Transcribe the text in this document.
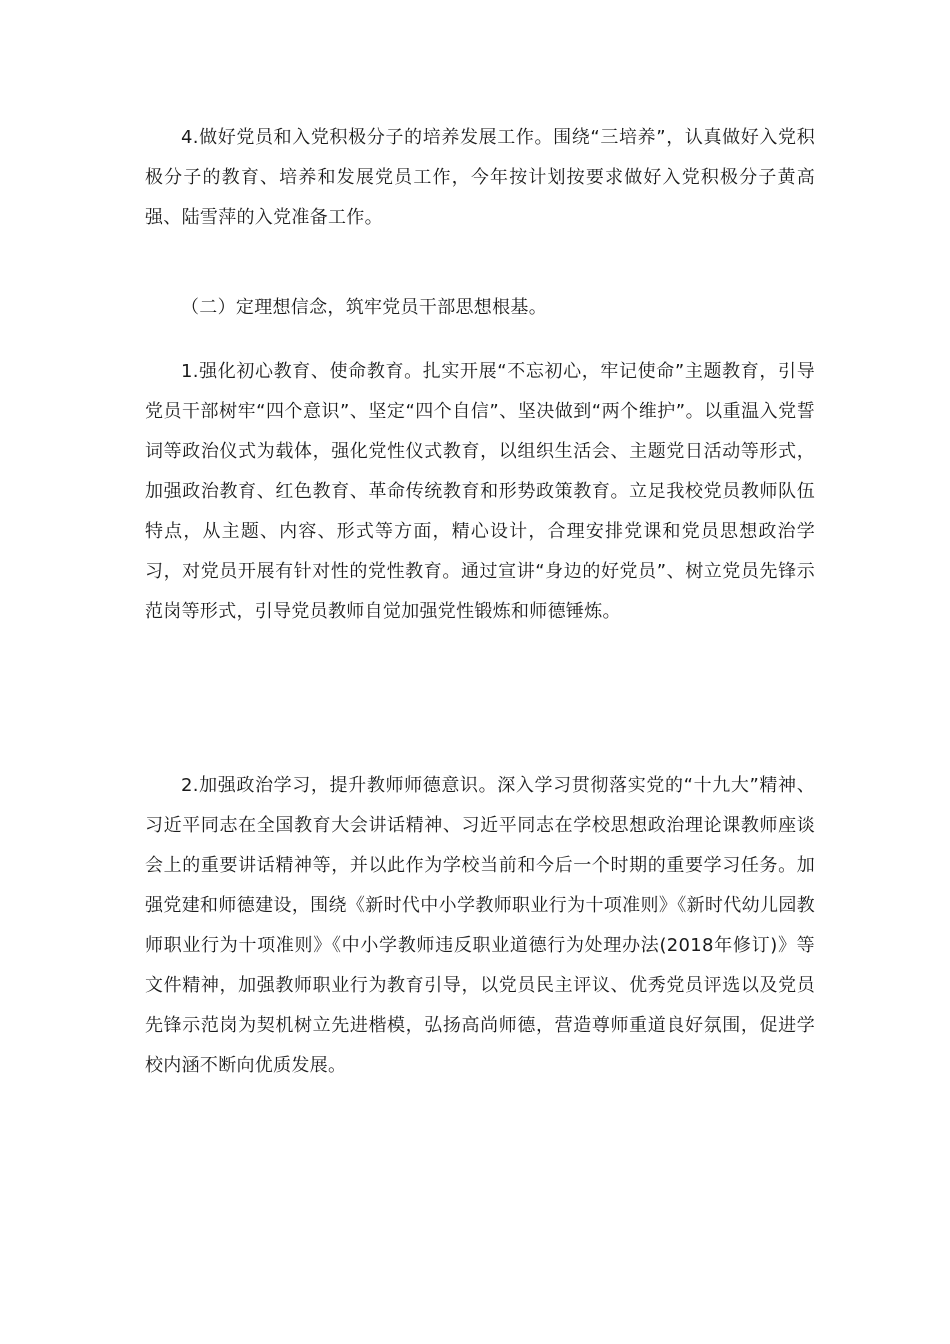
4.做好党员和入党积极分子的培养发展工作。围绕“三培养”，认真做好入党积极分子的教育、培养和发展党员工作，今年按计划按要求做好入党积极分子黄高强、陆雪萍的入党准备工作。

（二）定理想信念，筑牢党员干部思想根基。

1.强化初心教育、使命教育。扎实开展“不忘初心，牢记使命”主题教育，引导党员干部树牢“四个意识”、坚定“四个自信”、坚决做到“两个维护”。以重温入党誓词等政治仪式为载体，强化党性仪式教育，以组织生活会、主题党日活动等形式，加强政治教育、红色教育、革命传统教育和形势政策教育。立足我校党员教师队伍特点，从主题、内容、形式等方面，精心设计，合理安排党课和党员思想政治学习，对党员开展有针对性的党性教育。通过宣讲“身边的好党员”、树立党员先锋示范岗等形式，引导党员教师自觉加强党性锻炼和师德锤炼。

2.加强政治学习，提升教师师德意识。深入学习贯彻落实党的“十九大”精神、习近平同志在全国教育大会讲话精神、习近平同志在学校思想政治理论课教师座谈会上的重要讲话精神等，并以此作为学校当前和今后一个时期的重要学习任务。加强党建和师德建设，围绕《新时代中小学教师职业行为十项准则》《新时代幼儿园教师职业行为十项准则》《中小学教师违反职业道德行为处理办法(2018年修订)》等文件精神，加强教师职业行为教育引导，以党员民主评议、优秀党员评选以及党员先锋示范岗为契机树立先进楷模，弘扬高尚师德，营造尊师重道良好氛围，促进学校内涵不断向优质发展。
